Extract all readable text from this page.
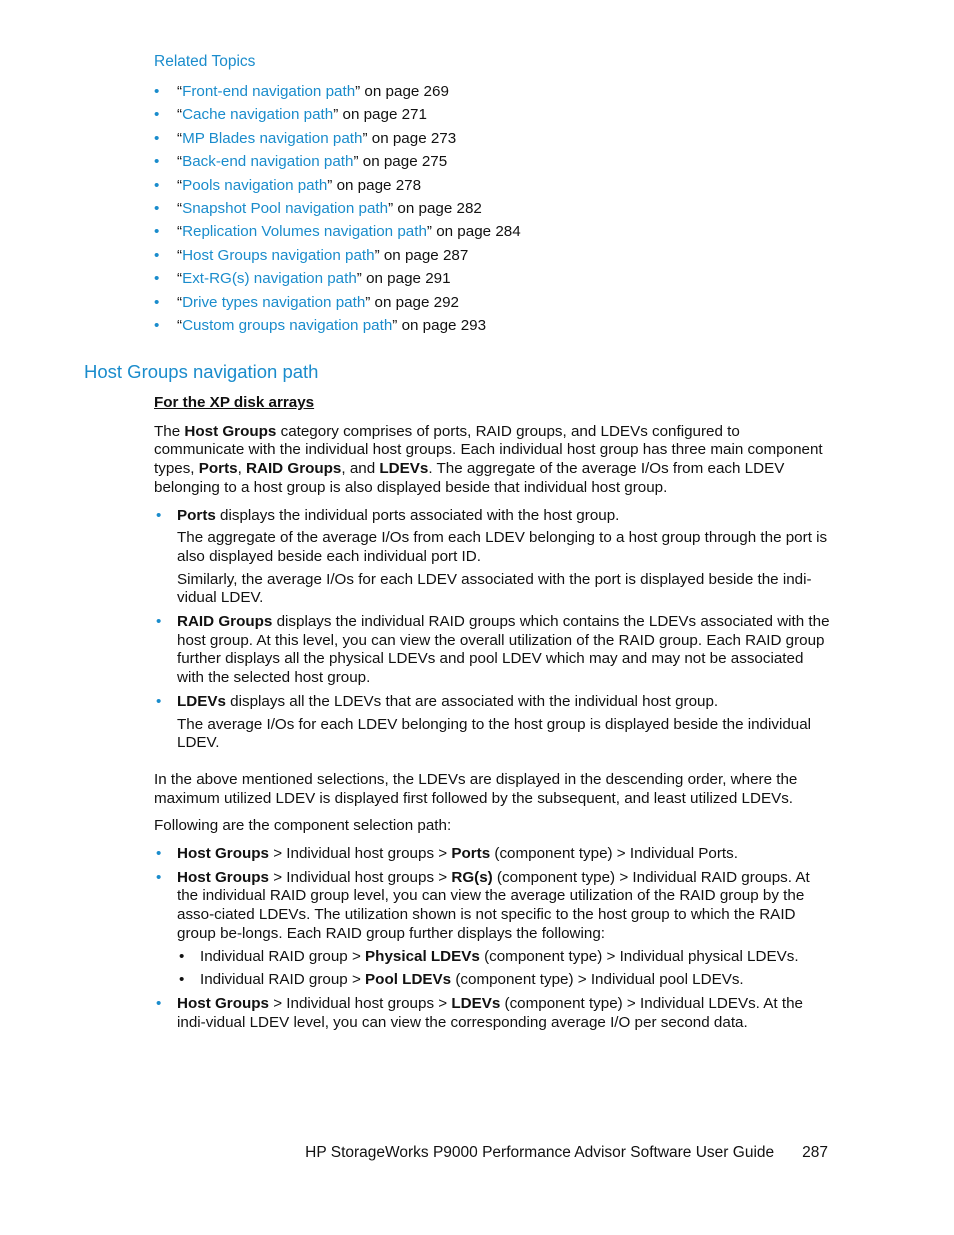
Related Topics
• “Front-end navigation path” on page 269
• “Cache navigation path” on page 271
• “MP Blades navigation path” on page 273
• “Back-end navigation path” on page 275
• “Pools navigation path” on page 278
• “Snapshot Pool navigation path” on page 282
• “Replication Volumes navigation path” on page 284
• “Host Groups navigation path” on page 287
• “Ext-RG(s) navigation path” on page 291
• “Drive types navigation path” on page 292
• “Custom groups navigation path” on page 293
Host Groups navigation path
For the XP disk arrays

The Host Groups category comprises of ports, RAID groups, and LDEVs configured to communicate with the individual host groups. Each individual host group has three main component types, Ports, RAID Groups, and LDEVs. The aggregate of the average I/Os from each LDEV belonging to a host group is also displayed beside that individual host group.

• Ports displays the individual ports associated with the host group.

The aggregate of the average I/Os from each LDEV belonging to a host group through the port is also displayed beside each individual port ID.

Similarly, the average I/Os for each LDEV associated with the port is displayed beside the indi-vidual LDEV.

• RAID Groups displays the individual RAID groups which contains the LDEVs associated with the host group. At this level, you can view the overall utilization of the RAID group. Each RAID group further displays all the physical LDEVs and pool LDEV which may and may not be associated with the selected host group.
• LDEVs displays all the LDEVs that are associated with the individual host group.

The average I/Os for each LDEV belonging to the host group is displayed beside the individual LDEV.

In the above mentioned selections, the LDEVs are displayed in the descending order, where the maximum utilized LDEV is displayed first followed by the subsequent, and least utilized LDEVs.

Following are the component selection path:

• Host Groups > Individual host groups > Ports (component type) > Individual Ports.
• Host Groups > Individual host groups > RG(s) (component type) > Individual RAID groups. At the individual RAID group level, you can view the average utilization of the RAID group by the asso-ciated LDEVs. The utilization shown is not specific to the host group to which the RAID group be-longs. Each RAID group further displays the following:
• Individual RAID group > Physical LDEVs (component type) > Individual physical LDEVs.
• Individual RAID group > Pool LDEVs (component type) > Individual pool LDEVs.
• Host Groups > Individual host groups > LDEVs (component type) > Individual LDEVs. At the indi-vidual LDEV level, you can view the corresponding average I/O per second data.
HP StorageWorks P9000 Performance Advisor Software User Guide 287
